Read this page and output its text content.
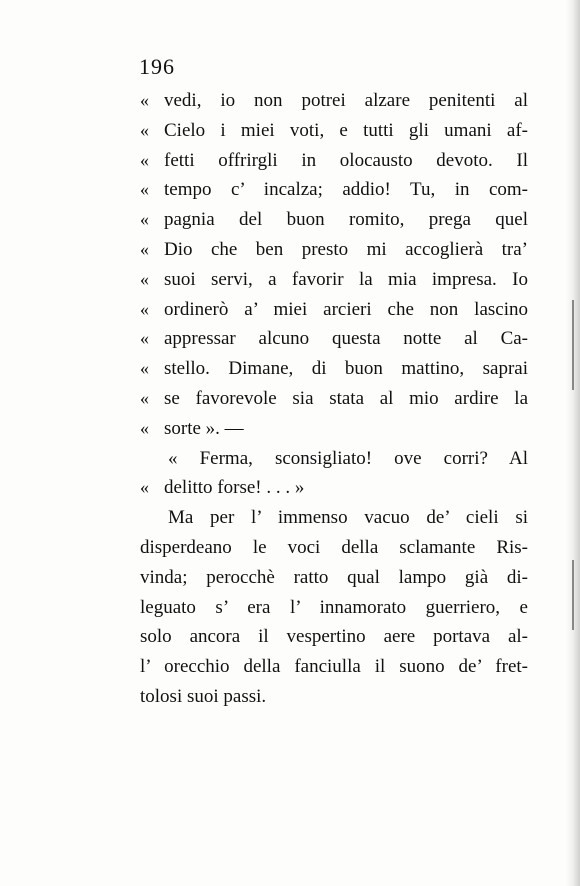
196
« vedi, io non potrei alzare penitenti al
« Cielo i miei voti, e tutti gli umani af-
« fetti offrirgli in olocausto devoto. Il
« tempo c’ incalza; addio! Tu, in com-
« pagnia del buon romito, prega quel
« Dio che ben presto mi accoglierà tra’
« suoi servi, a favorir la mia impresa. Io
« ordinerò a’ miei arcieri che non lascino
« appressar alcuno questa notte al Ca-
« stello. Dimane, di buon mattino, saprai
« se favorevole sia stata al mio ardire la
« sorte ». —
« Ferma, sconsigliato! ove corri? Al
« delitto forse! . . . »
Ma per l’ immenso vacuo de’ cieli si
disperdeano le voci della sclamante Ris-
vinda; perocchè ratto qual lampo già di-
leguato s’ era l’ innamorato guerriero, e
solo ancora il vespertino aere portava al-
l’ orecchio della fanciulla il suono de’ fret-
tolosi suoi passi.
